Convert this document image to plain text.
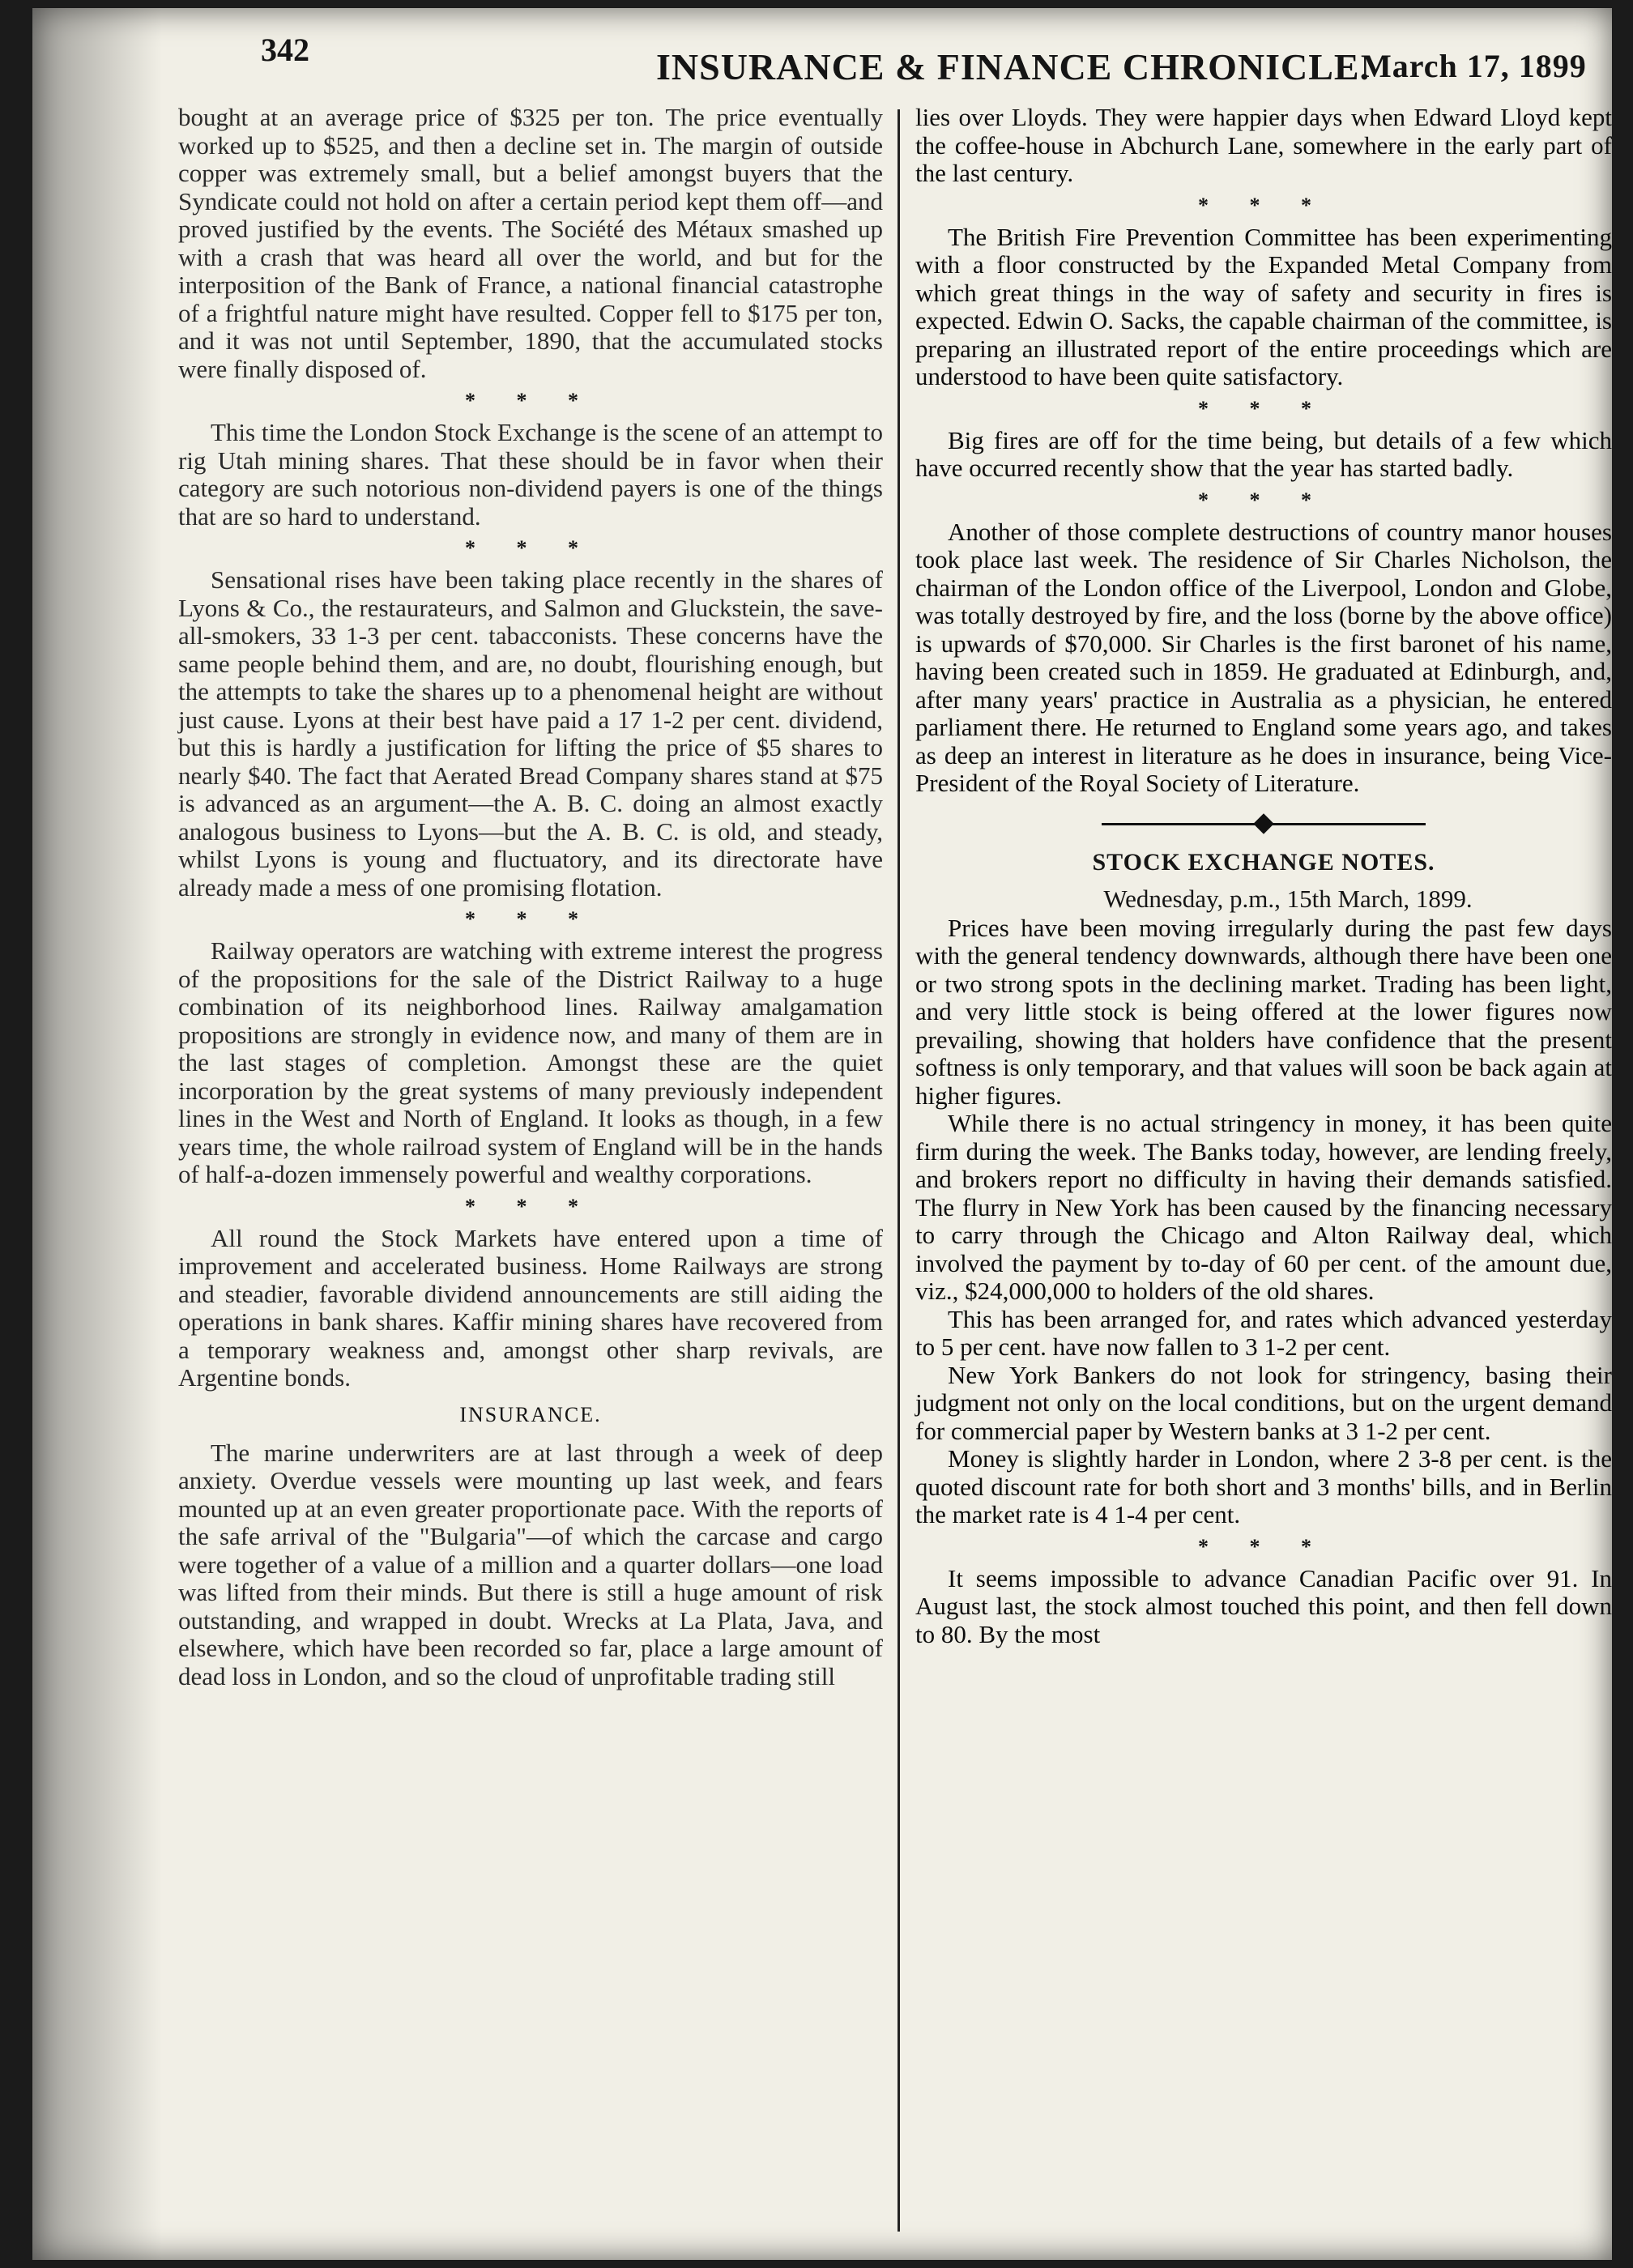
342	INSURANCE & FINANCE CHRONICLE.
March 17, 1899

bought at an average price of $325 per ton. The price eventually worked up to $525, and then a decline set in. The margin of outside copper was extremely small, but a belief amongst buyers that the Syndicate could not hold on after a certain period kept them off—and proved justified by the events. The Société des Métaux smashed up with a crash that was heard all over the world, and but for the interposition of the Bank of France, a national financial catastrophe of a frightful nature might have resulted. Copper fell to $175 per ton, and it was not until September, 1890, that the accumulated stocks were finally disposed of.

* * *

This time the London Stock Exchange is the scene of an attempt to rig Utah mining shares. That these should be in favor when their category are such notorious non-dividend payers is one of the things that are so hard to understand.

* * *

Sensational rises have been taking place recently in the shares of Lyons & Co., the restaurateurs, and Salmon and Gluckstein, the save-all-smokers, 33 1-3 per cent. tabacconists. These concerns have the same people behind them, and are, no doubt, flourishing enough, but the attempts to take the shares up to a phenomenal height are without just cause. Lyons at their best have paid a 17 1-2 per cent. dividend, but this is hardly a justification for lifting the price of $5 shares to nearly $40. The fact that Aerated Bread Company shares stand at $75 is advanced as an argument—the A. B. C. doing an almost exactly analogous business to Lyons—but the A. B. C. is old, and steady, whilst Lyons is young and fluctuatory, and its directorate have already made a mess of one promising flotation.

* * *

Railway operators are watching with extreme interest the progress of the propositions for the sale of the District Railway to a huge combination of its neighborhood lines. Railway amalgamation propositions are strongly in evidence now, and many of them are in the last stages of completion. Amongst these are the quiet incorporation by the great systems of many previously independent lines in the West and North of England. It looks as though, in a few years time, the whole railroad system of England will be in the hands of half-a-dozen immensely powerful and wealthy corporations.

* * *

All round the Stock Markets have entered upon a time of improvement and accelerated business. Home Railways are strong and steadier, favorable dividend announcements are still aiding the operations in bank shares. Kaffir mining shares have recovered from a temporary weakness and, amongst other sharp revivals, are Argentine bonds.

INSURANCE.

The marine underwriters are at last through a week of deep anxiety. Overdue vessels were mounting up last week, and fears mounted up at an even greater proportionate pace. With the reports of the safe arrival of the "Bulgaria"—of which the carcase and cargo were together of a value of a million and a quarter dollars—one load was lifted from their minds. But there is still a huge amount of risk outstanding, and wrapped in doubt. Wrecks at La Plata, Java, and elsewhere, which have been recorded so far, place a large amount of dead loss in London, and so the cloud of unprofitable trading still

lies over Lloyds. They were happier days when Edward Lloyd kept the coffee-house in Abchurch Lane, somewhere in the early part of the last century.

* * *

The British Fire Prevention Committee has been experimenting with a floor constructed by the Expanded Metal Company from which great things in the way of safety and security in fires is expected. Edwin O. Sacks, the capable chairman of the committee, is preparing an illustrated report of the entire proceedings which are understood to have been quite satisfactory.

* * *

Big fires are off for the time being, but details of a few which have occurred recently show that the year has started badly.

* * *

Another of those complete destructions of country manor houses took place last week. The residence of Sir Charles Nicholson, the chairman of the London office of the Liverpool, London and Globe, was totally destroyed by fire, and the loss (borne by the above office) is upwards of $70,000. Sir Charles is the first baronet of his name, having been created such in 1859. He graduated at Edinburgh, and, after many years' practice in Australia as a physician, he entered parliament there. He returned to England some years ago, and takes as deep an interest in literature as he does in insurance, being Vice-President of the Royal Society of Literature.

STOCK EXCHANGE NOTES.
Wednesday, p.m., 15th March, 1899.

Prices have been moving irregularly during the past few days with the general tendency downwards, although there have been one or two strong spots in the declining market. Trading has been light, and very little stock is being offered at the lower figures now prevailing, showing that holders have confidence that the present softness is only temporary, and that values will soon be back again at higher figures.

While there is no actual stringency in money, it has been quite firm during the week. The Banks today, however, are lending freely, and brokers report no difficulty in having their demands satisfied. The flurry in New York has been caused by the financing necessary to carry through the Chicago and Alton Railway deal, which involved the payment by to-day of 60 per cent. of the amount due, viz., $24,000,000 to holders of the old shares.

This has been arranged for, and rates which advanced yesterday to 5 per cent. have now fallen to 3 1-2 per cent.

New York Bankers do not look for stringency, basing their judgment not only on the local conditions, but on the urgent demand for commercial paper by Western banks at 3 1-2 per cent.

Money is slightly harder in London, where 2 3-8 per cent. is the quoted discount rate for both short and 3 months' bills, and in Berlin the market rate is 4 1-4 per cent.

* * *

It seems impossible to advance Canadian Pacific over 91. In August last, the stock almost touched this point, and then fell down to 80. By the most
